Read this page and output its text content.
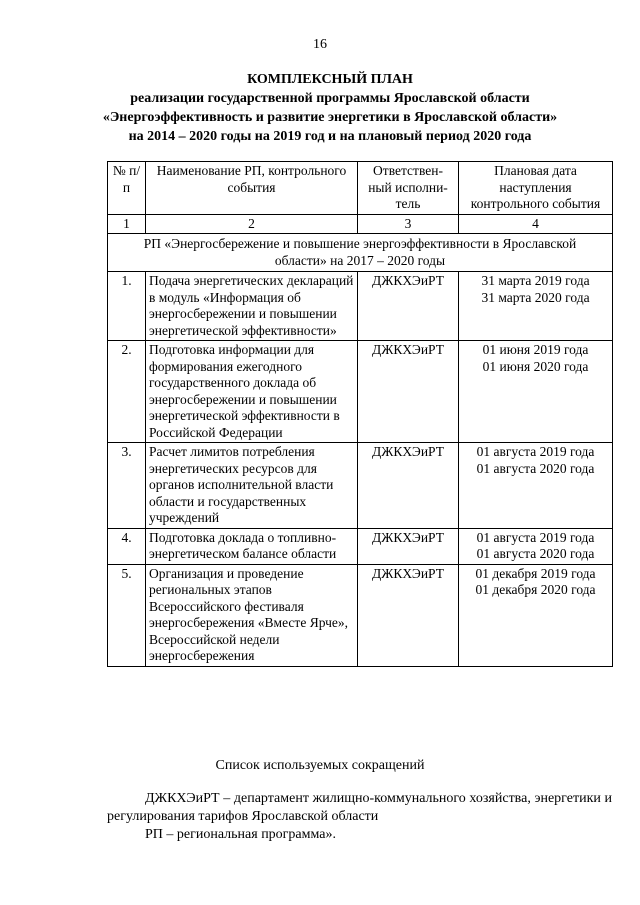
16
КОМПЛЕКСНЫЙ ПЛАН
реализации государственной программы Ярославской области
«Энергоэффективность и развитие энергетики в Ярославской области»
на 2014 – 2020 годы на 2019 год и на плановый период 2020 года
№ п/п	Наименование РП, контрольного события	Ответствен- ный исполни- тель	Плановая дата наступления контрольного события
1	2	3	4
РП «Энергосбережение и повышение энергоэффективности в Ярославской области» на 2017 – 2020 годы			
1.	Подача энергетических деклараций в модуль «Информация об энергосбережении и повышении энергетической эффективности»	ДЖКХЭиРТ	31 марта 2019 года
31 марта 2020 года

2.	Подготовка информации для формирования ежегодного государственного доклада об энергосбережении и повышении энергетической эффективности в Российской Федерации	ДЖКХЭиРТ	01 июня 2019 года
01 июня 2020 года

3.	Расчет лимитов потребления энергетических ресурсов для органов исполнительной власти области и государственных учреждений	ДЖКХЭиРТ	01 августа 2019 года
01 августа 2020 года

4.	Подготовка доклада о топливно-энергетическом балансе области	ДЖКХЭиРТ	01 августа 2019 года
01 августа 2020 года

5.	Организация и проведение региональных этапов Всероссийского фестиваля энергосбережения «Вместе Ярче», Всероссийской недели энергосбережения	ДЖКХЭиРТ	01 декабря 2019 года
01 декабря 2020 года
Список используемых сокращений
ДЖКХЭиРТ – департамент жилищно-коммунального хозяйства, энергетики и регулирования тарифов Ярославской области
РП – региональная программа».
